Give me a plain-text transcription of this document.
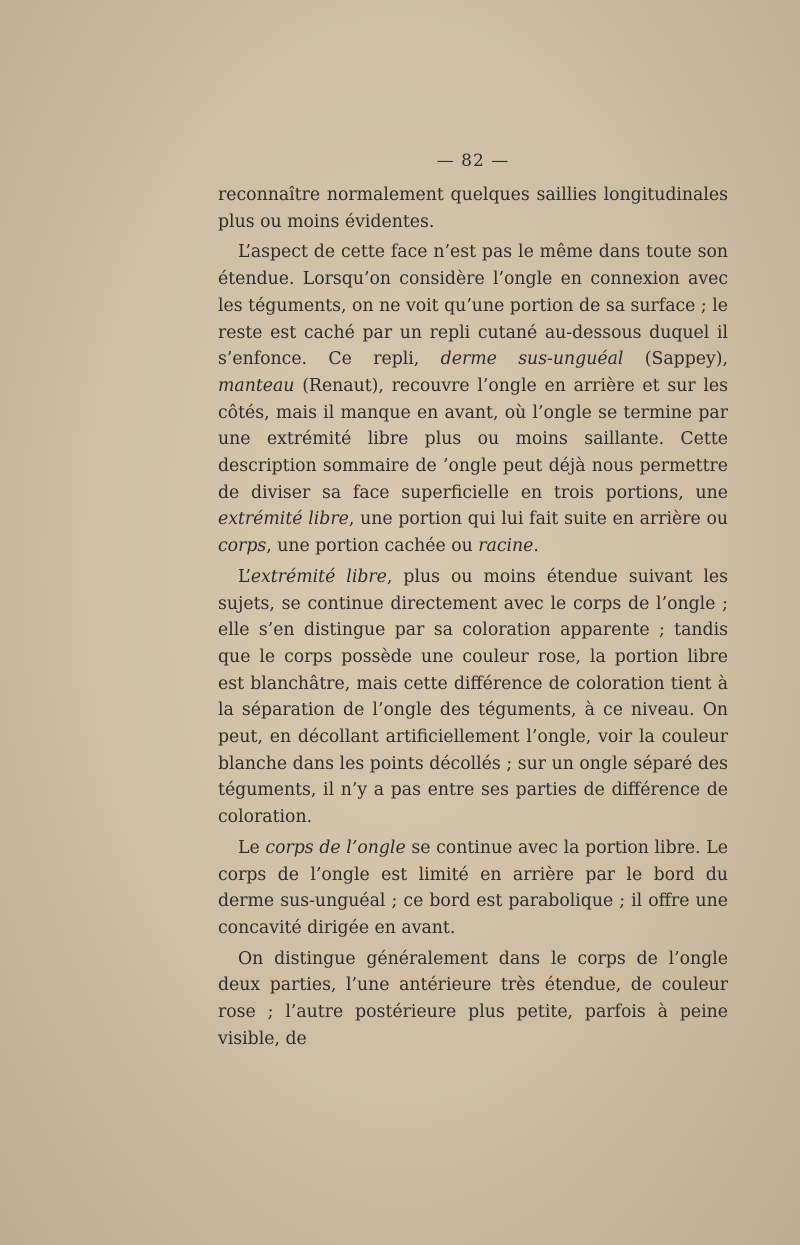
— 82 —

reconnaître normalement quelques saillies longitudinales plus ou moins évidentes.

L’aspect de cette face n’est pas le même dans toute son étendue. Lorsqu’on considère l’ongle en connexion avec les téguments, on ne voit qu’une portion de sa surface ; le reste est caché par un repli cutané au-dessous duquel il s’enfonce. Ce repli, derme sus-unguéal (Sappey), manteau (Renaut), recouvre l’ongle en arrière et sur les côtés, mais il manque en avant, où l’ongle se termine par une extrémité libre plus ou moins saillante. Cette description sommaire de ’ongle peut déjà nous permettre de diviser sa face superficielle en trois portions, une extrémité libre, une portion qui lui fait suite en arrière ou corps, une portion cachée ou racine.

L’extrémité libre, plus ou moins étendue suivant les sujets, se continue directement avec le corps de l’ongle ; elle s’en distingue par sa coloration apparente ; tandis que le corps possède une couleur rose, la portion libre est blanchâtre, mais cette différence de coloration tient à la séparation de l’ongle des téguments, à ce niveau. On peut, en décollant artificiellement l’ongle, voir la couleur blanche dans les points décollés ; sur un ongle séparé des téguments, il n’y a pas entre ses parties de différence de coloration.

Le corps de l’ongle se continue avec la portion libre. Le corps de l’ongle est limité en arrière par le bord du derme sus-unguéal ; ce bord est parabolique ; il offre une concavité dirigée en avant.

On distingue généralement dans le corps de l’ongle deux parties, l’une antérieure très étendue, de couleur rose ; l’autre postérieure plus petite, parfois à peine visible, de
